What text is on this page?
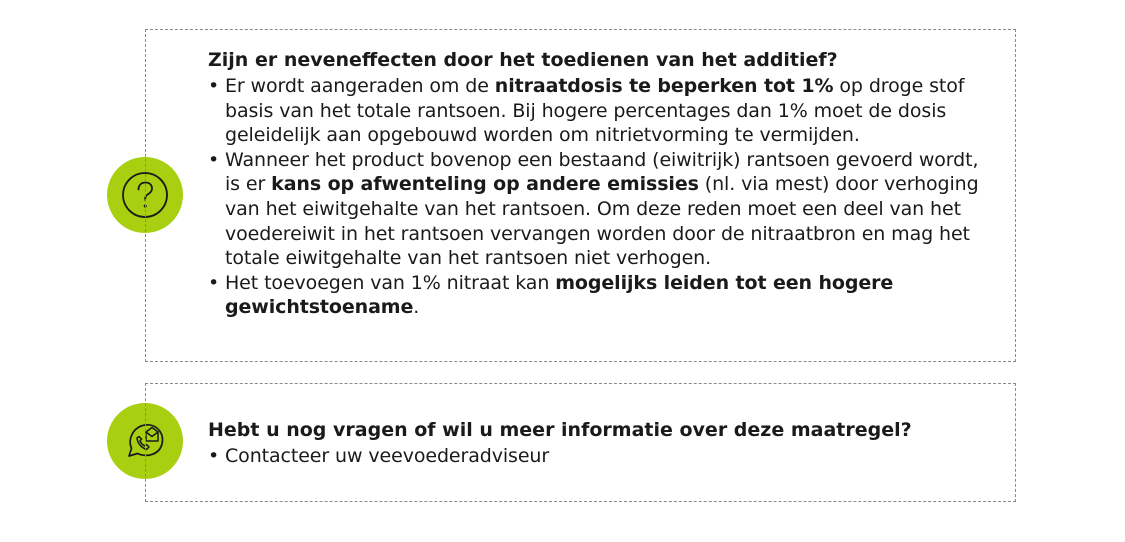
Zijn er neveneffecten door het toedienen van het additief?
• Er wordt aangeraden om de nitraatdosis te beperken tot 1% op droge stof basis van het totale rantsoen. Bij hogere percentages dan 1% moet de dosis geleidelijk aan opgebouwd worden om nitrietvorming te vermijden.
• Wanneer het product bovenop een bestaand (eiwitrijk) rantsoen gevoerd wordt, is er kans op afwenteling op andere emissies (nl. via mest) door verhoging van het eiwitgehalte van het rantsoen. Om deze reden moet een deel van het voedereiwit in het rantsoen vervangen worden door de nitraatbron en mag het totale eiwitgehalte van het rantsoen niet verhogen.
• Het toevoegen van 1% nitraat kan mogelijks leiden tot een hogere gewichtstoename.
Hebt u nog vragen of wil u meer informatie over deze maatregel?
• Contacteer uw veevoederadviseur
